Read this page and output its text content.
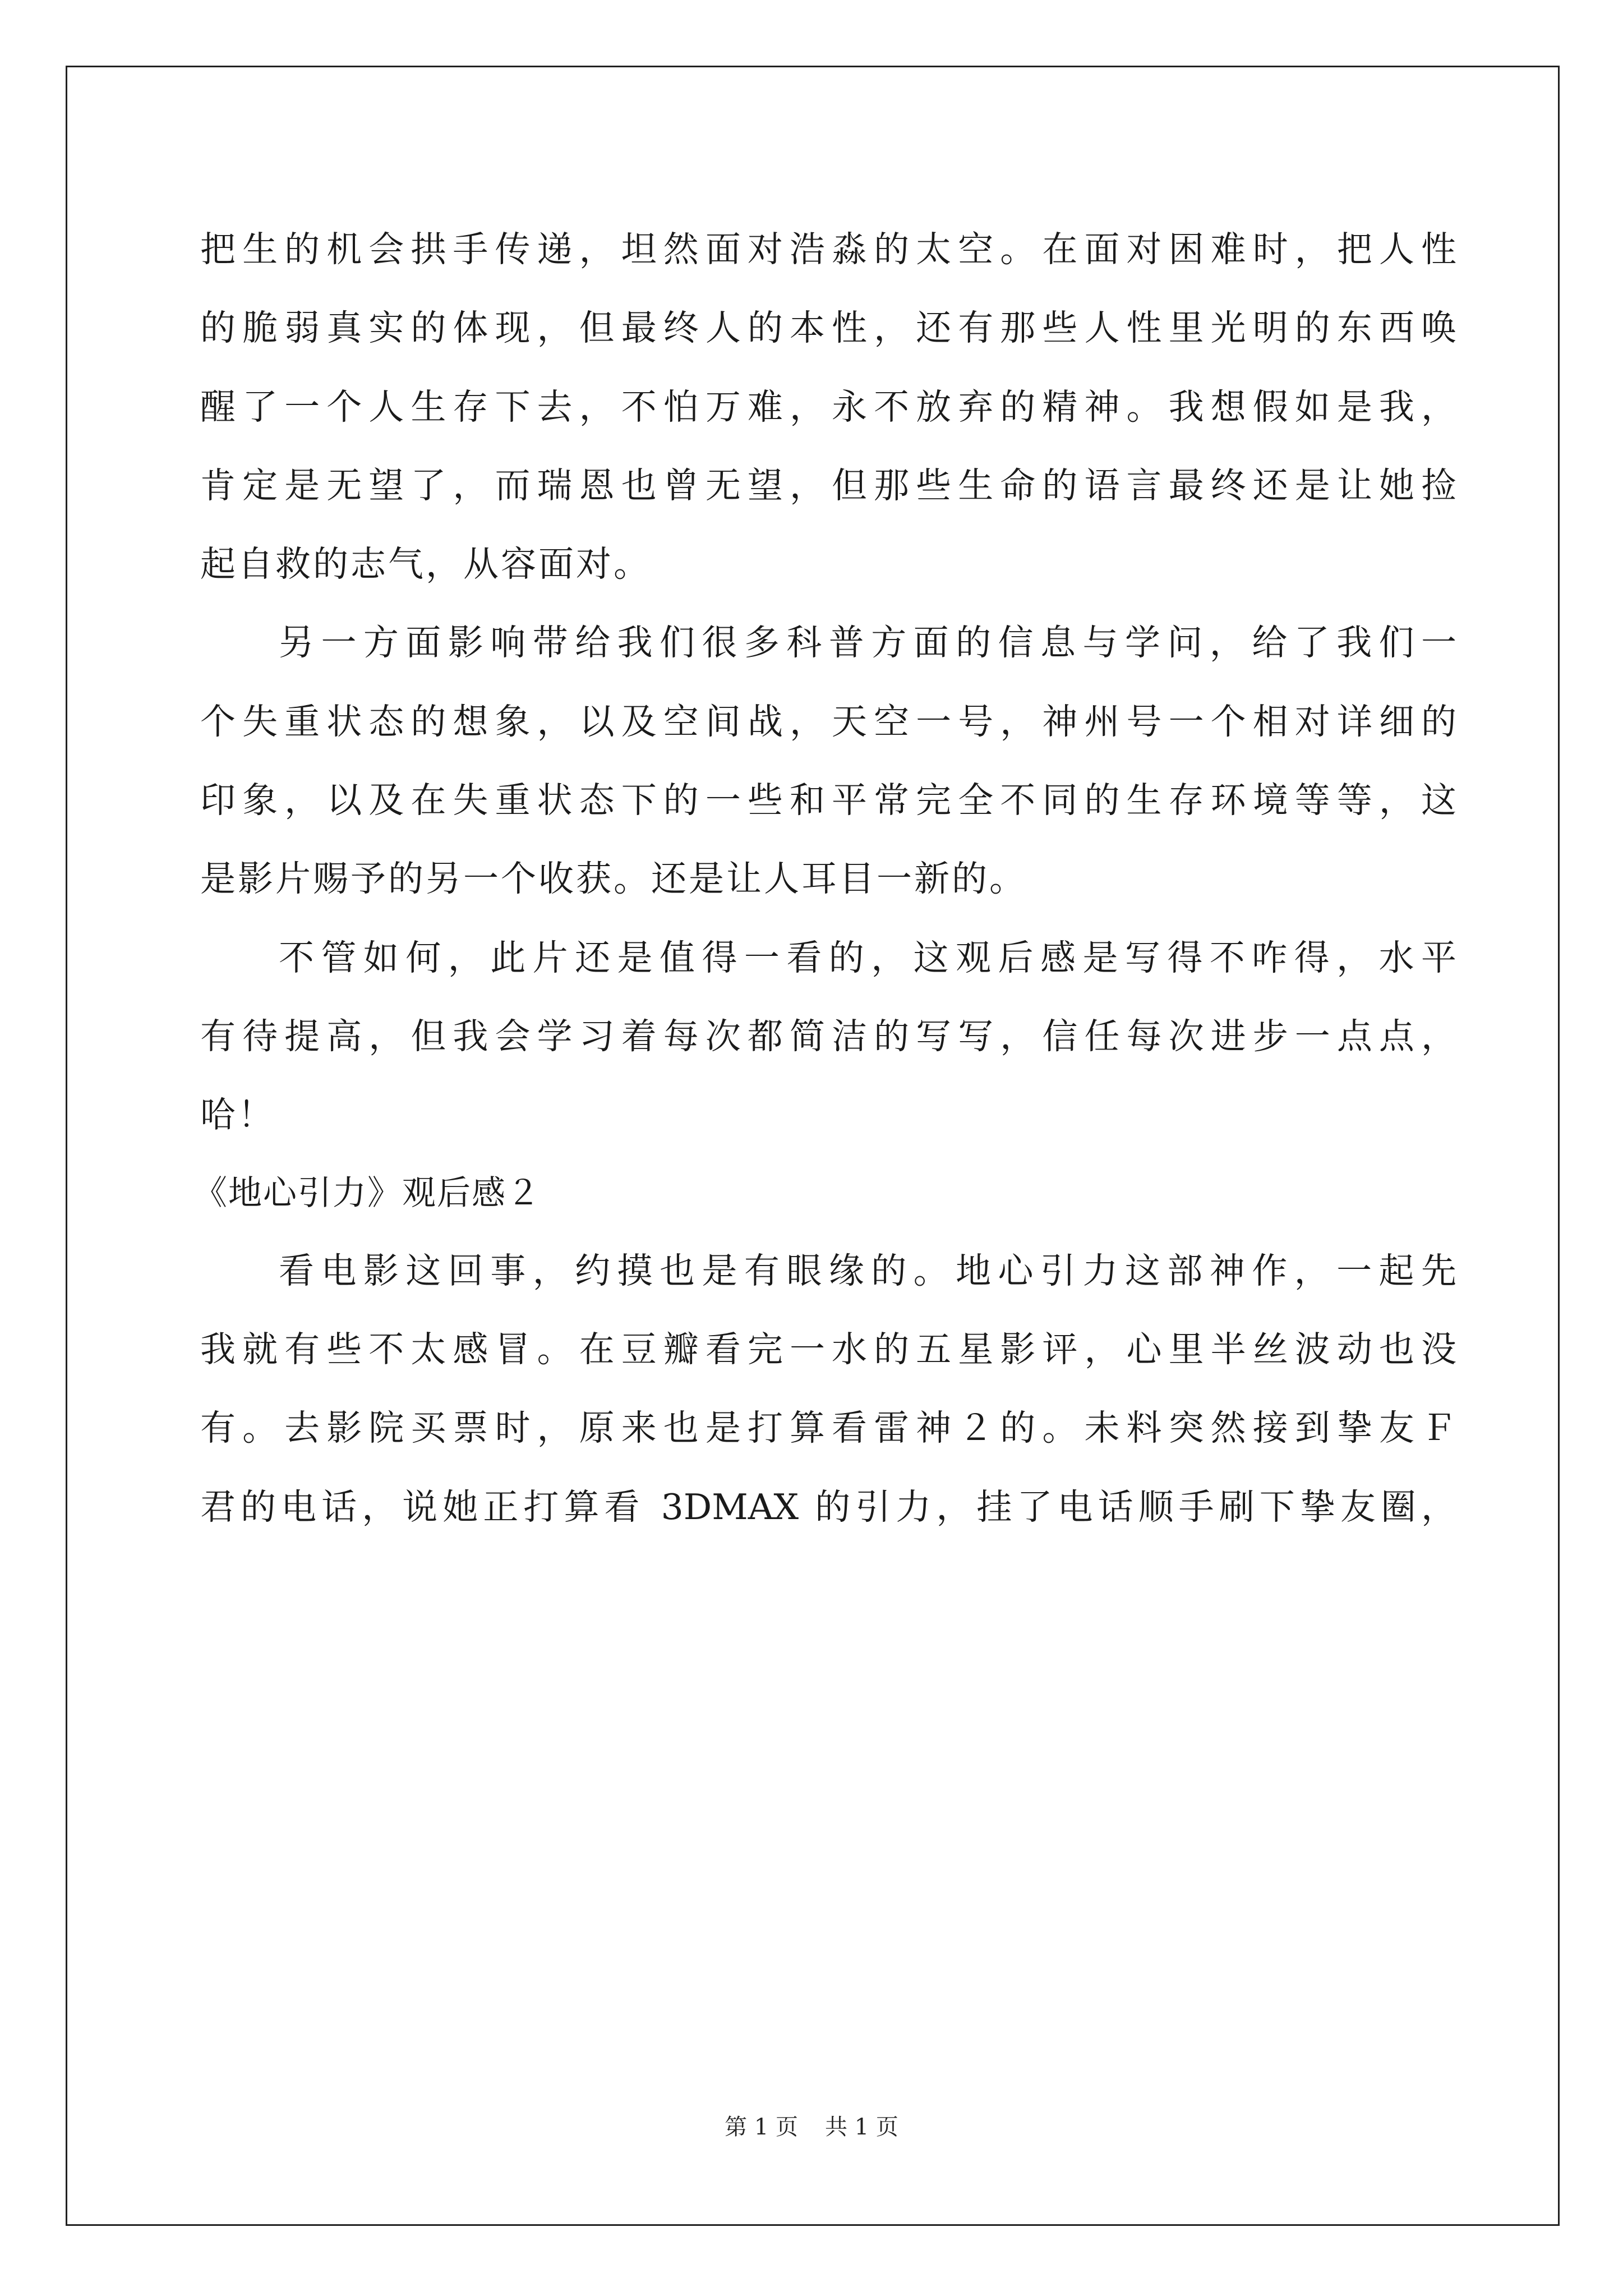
把生的机会拱手传递，坦然面对浩淼的太空。在面对困难时，把人性
的脆弱真实的体现，但最终人的本性，还有那些人性里光明的东西唤
醒了一个人生存下去，不怕万难，永不放弃的精神。我想假如是我，
肯定是无望了，而瑞恩也曾无望，但那些生命的语言最终还是让她捡
起自救的志气，从容面对。
另一方面影响带给我们很多科普方面的信息与学问，给了我们一
个失重状态的想象，以及空间战，天空一号，神州号一个相对详细的
印象，以及在失重状态下的一些和平常完全不同的生存环境等等，这
是影片赐予的另一个收获。还是让人耳目一新的。
不管如何，此片还是值得一看的，这观后感是写得不咋得，水平
有待提高，但我会学习着每次都简洁的写写，信任每次进步一点点，
哈！
看电影这回事，约摸也是有眼缘的。地心引力这部神作，一起先
我就有些不太感冒。在豆瓣看完一水的五星影评，心里半丝波动也没
有。去影院买票时，原来也是打算看雷神２的。未料突然接到挚友Ｆ
君的电话，说她正打算看 3DMAX 的引力，挂了电话顺手刷下挚友圈，
《地心引力》观后感２
第 1 页 共 1 页
